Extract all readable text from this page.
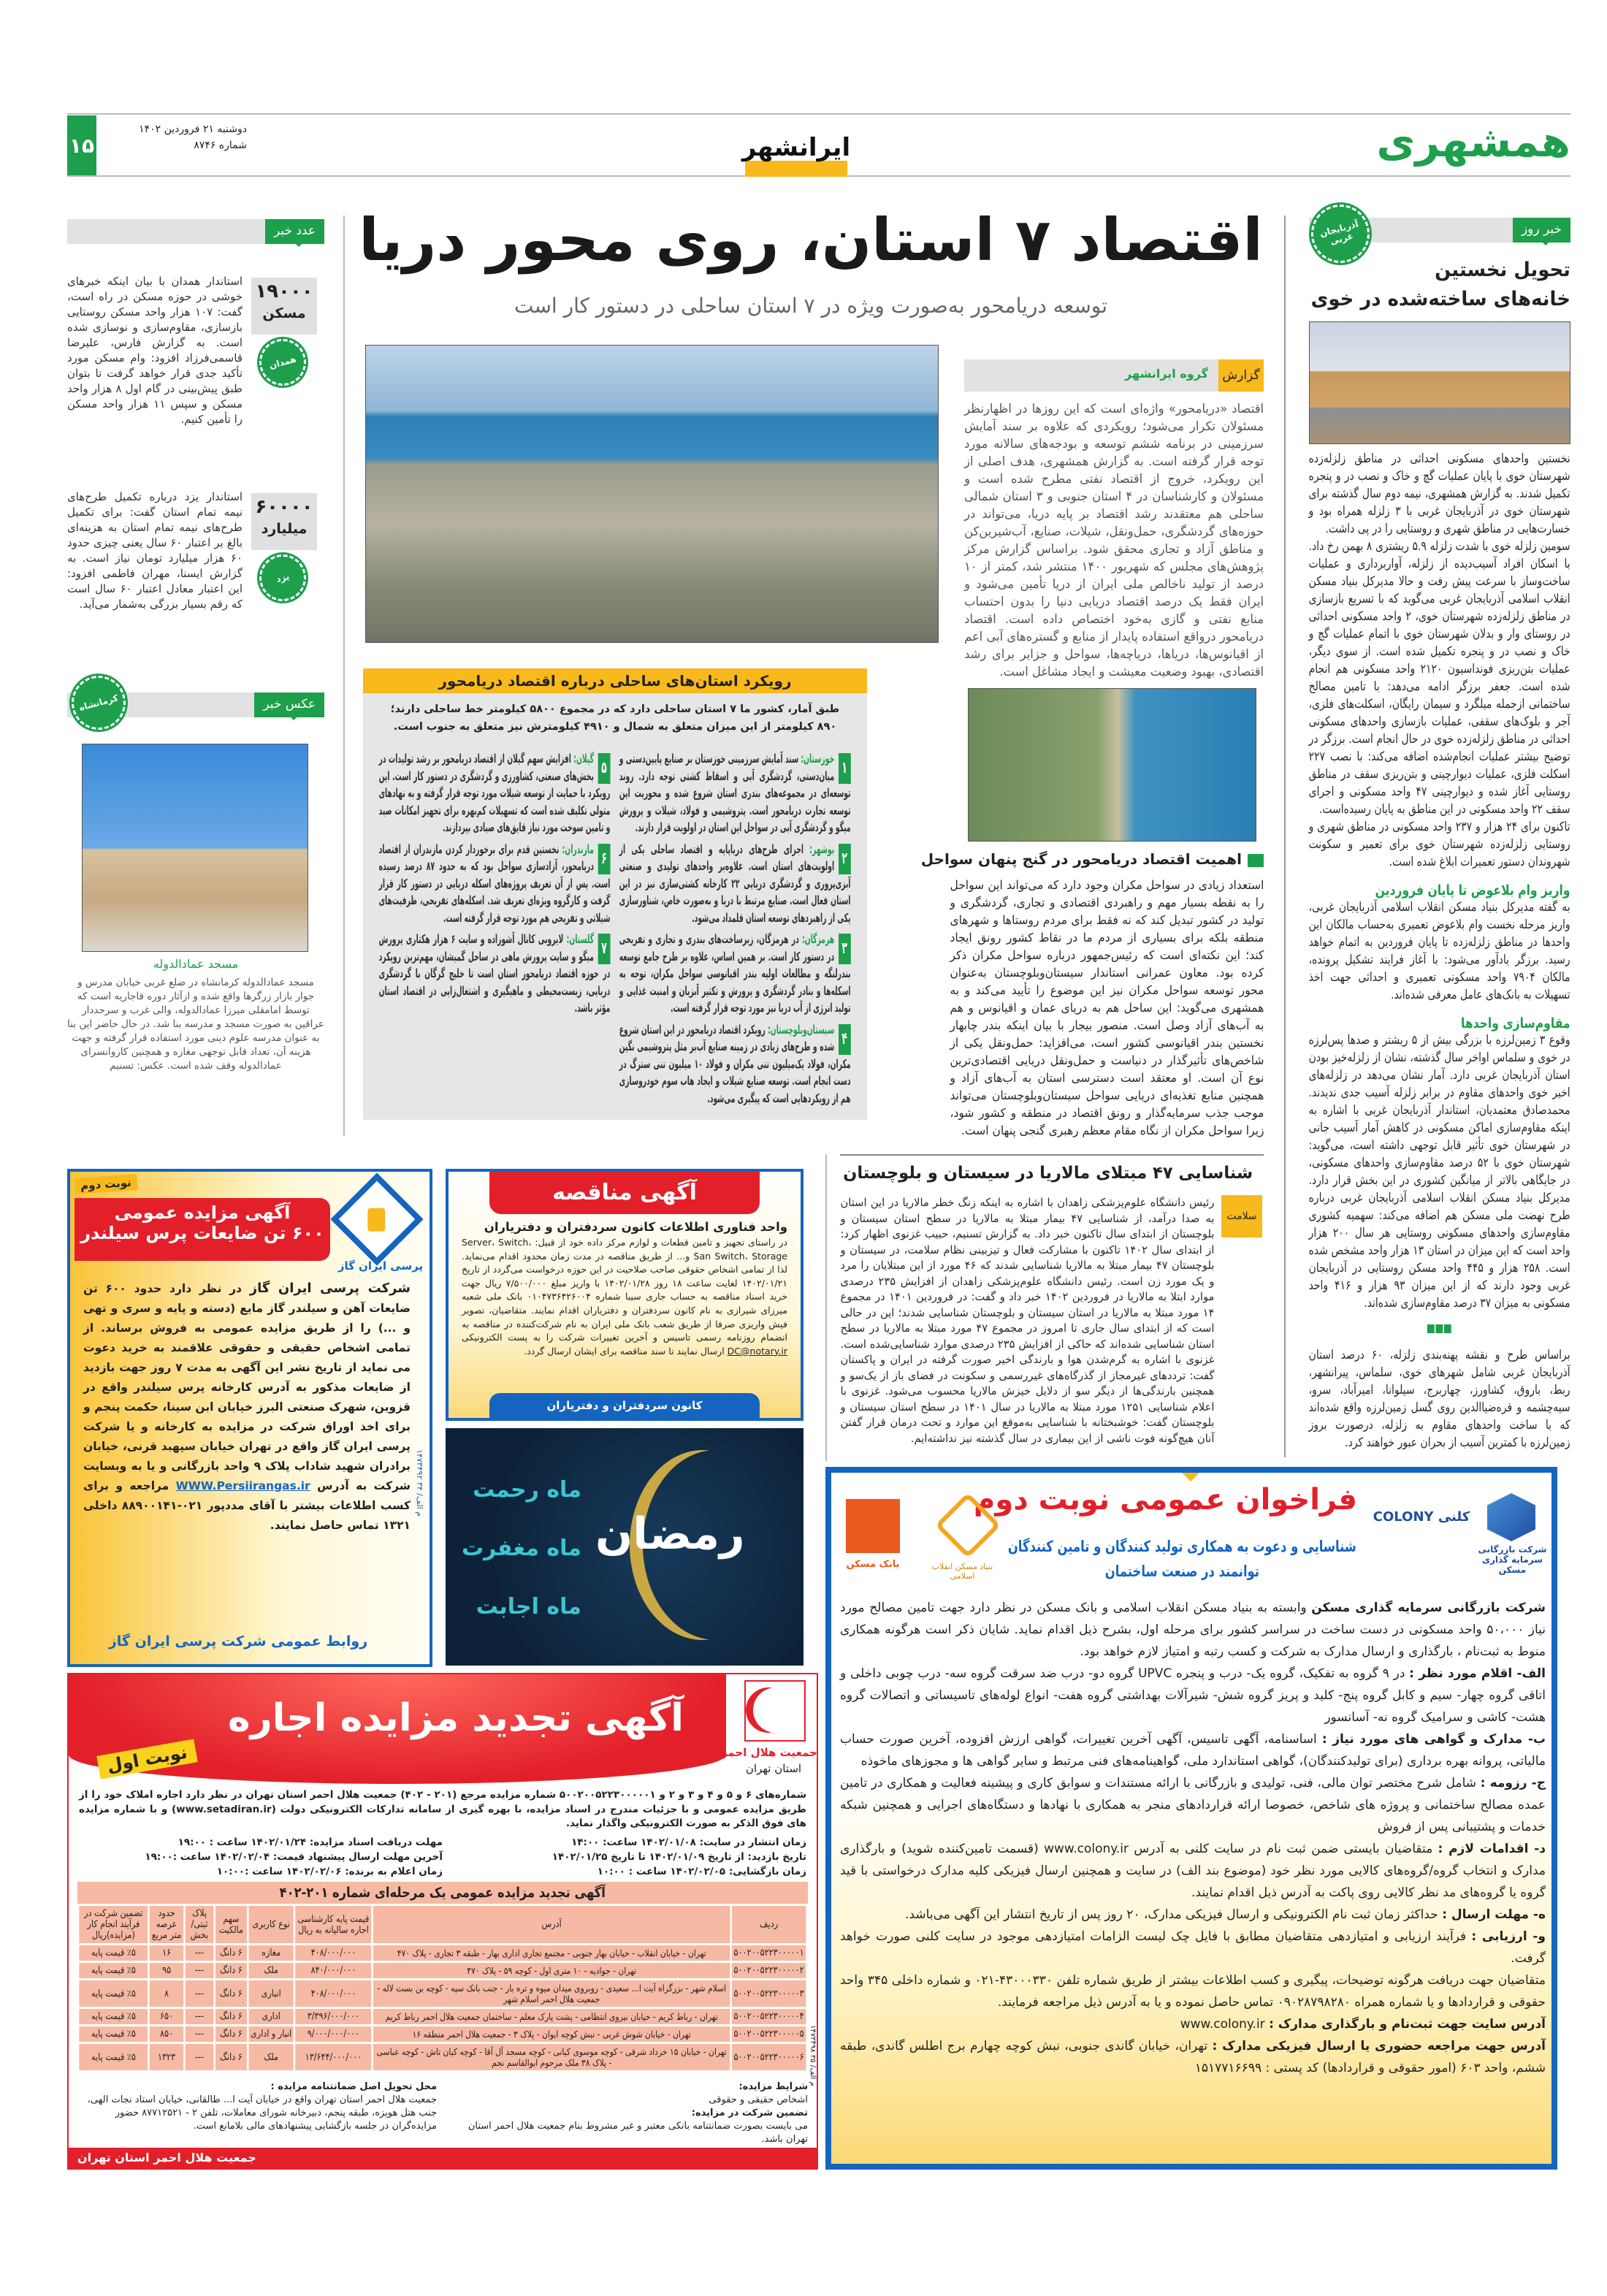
۱۵
دوشنبه ۲۱ فروردین ۱۴۰۲
شماره ۸۷۴۶	ایرانشهر	همشهری
خبر روز
آذربایجان غربی
تحویل نخستین
خانه‌های ساخته‌شده در خوی

نخستین واحدهای مسکونی احداثی در مناطق زلزله‌زده شهرستان خوی با پایان عملیات گچ و خاک و نصب در و پنجره تکمیل شدند. به گزارش همشهری، نیمه دوم سال گذشته برای شهرستان خوی در آذربایجان غربی با ۳ زلزله همراه بود و خسارت‌هایی در مناطق شهری و روستایی را در پی داشت.

سومین زلزله خوی با شدت زلزله ۵.۹ ریشتری ۸ بهمن رخ داد. با اسکان افراد آسیب‌دیده از زلزله، آواربرداری و عملیات ساخت‌وساز با سرعت پیش رفت و حالا مدیرکل بنیاد مسکن انقلاب اسلامی آذربایجان غربی می‌گوید که با تسریع بازسازی در مناطق زلزله‌زده شهرستان خوی، ۲ واحد مسکونی احداثی در روستای وار و بدلان شهرستان خوی با اتمام عملیات گچ و خاک و نصب در و پنجره تکمیل شده است. از سوی دیگر، عملیات بتن‌ریزی فونداسیون ۲۱۲۰ واحد مسکونی هم انجام شده است. جعفر برزگر ادامه می‌دهد: با تامین مصالح ساختمانی ازجمله میلگرد و سیمان رایگان، اسکلت‌های فلزی، آجر و بلوک‌های سقفی، عملیات بازسازی واحدهای مسکونی احداثی در مناطق زلزله‌زده خوی در حال انجام است. برزگر در توضیح بیشتر عملیات انجام‌شده اضافه می‌کند: با نصب ۲۲۷ اسکلت فلزی، عملیات دیوارچینی و بتن‌ریزی سقف در مناطق روستایی آغاز شده و دیوارچینی ۴۷ واحد مسکونی و اجرای سقف ۲۲ واحد مسکونی در این مناطق به پایان رسیده‌است.

تاکنون برای ۲۴ هزار و ۲۳۷ واحد مسکونی در مناطق شهری و روستایی زلزله‌زده شهرستان خوی برای تعمیر و سکونت شهروندان دستور تعمیرات ابلاغ شده است.

واریز وام بلاعوض تا پایان فروردین

به گفته مدیرکل بنیاد مسکن انقلاب اسلامی آذربایجان غربی، واریز مرحله نخست وام بلاعوض تعمیری به‌حساب مالکان این واحدها در مناطق زلزله‌زده تا پایان فروردین به اتمام خواهد رسید. برزگر یادآور می‌شود: با آغاز فرایند تشکیل پرونده، مالکان ۷۹۰۴ واحد مسکونی تعمیری و احداثی جهت اخذ تسهیلات به بانک‌های عامل معرفی شده‌اند.

مقاوم‌سازی واحدها

وقوع ۳ زمین‌لرزه با بزرگی بیش از ۵ ریشتر و صدها پس‌لرزه در خوی و سلماس اواخر سال گذشته، نشان از زلزله‌خیز بودن استان آذربایجان غربی دارد. آمار نشان می‌دهد در زلزله‌های اخیر خوی واحدهای مقاوم در برابر زلزله آسیب جدی ندیدند. محمدصادق معتمدیان، استاندار آذربایجان غربی با اشاره به اینکه مقاوم‌سازی اماکن مسکونی در کاهش آمار آسیب جانی در شهرستان خوی تأثیر قابل توجهی داشته است، می‌گوید: شهرستان خوی با ۵۲ درصد مقاوم‌سازی واحدهای مسکونی، در جایگاهی بالاتر از میانگین کشوری در این بخش قرار دارد. مدیرکل بنیاد مسکن انقلاب اسلامی آذربایجان غربی درباره طرح نهضت ملی مسکن هم اضافه می‌کند: سهمیه کشوری مقاوم‌سازی واحدهای مسکونی روستایی هر سال ۲۰۰ هزار واحد است که این میزان در استان ۱۳ هزار واحد مشخص شده است. ۲۵۸ هزار و ۴۴۵ واحد مسکن روستایی در آذربایجان غربی وجود دارند که از این میزان ۹۳ هزار و ۴۱۶ واحد مسکونی به میزان ۳۷ درصد مقاوم‌سازی شده‌اند.

براساس طرح و نقشه پهنه‌بندی زلزله، ۶۰ درصد استان آذربایجان غربی شامل شهرهای خوی، سلماس، پیرانشهر، ربط، باروق، کشاورز، چهاربرج، سیلوانا، امیرآباد، سرو، سیه‌چشمه و قره‌ضیاالدین روی گسل زمین‌لرزه واقع شده‌اند که با ساخت واحدهای مقاوم به زلزله، درصورت بروز زمین‌لرزه با کمترین آسیب از بحران عبور خواهند کرد.

اقتصاد ۷ استان، روی محور دریا
توسعه دریامحور به‌صورت ویژه در ۷ استان ساحلی در دستور کار است
گزارش
گروه ایرانشهر

اقتصاد «دریامحور» واژه‌ای است که این روزها در اظهارنظر مسئولان تکرار می‌شود؛ رویکردی که علاوه بر سند آمایش سرزمینی در برنامه ششم توسعه و بودجه‌های سالانه مورد توجه قرار گرفته است. به گزارش همشهری، هدف اصلی از این رویکرد، خروج از اقتصاد نفتی مطرح شده است و مسئولان و کارشناسان در ۴ استان جنوبی و ۳ استان شمالی ساحلی هم معتقدند رشد اقتصاد بر پایه دریا، می‌تواند در حوزه‌های گردشگری، حمل‌ونقل، شیلات، صنایع، آب‌شیرین‌کن و مناطق آزاد و تجاری محقق شود. براساس گزارش مرکز پژوهش‌های مجلس که شهریور ۱۴۰۰ منتشر شد، کمتر از ۱۰ درصد از تولید ناخالص ملی ایران از دریا تأمین می‌شود و ایران فقط یک درصد اقتصاد دریایی دنیا را بدون احتساب منابع نفتی و گازی به‌خود اختصاص داده است. اقتصاد دریامحور درواقع استفاده پایدار از منابع و گستره‌های آبی اعم از اقیانوس‌ها، دریاها، دریاچه‌ها، سواحل و جزایر برای رشد اقتصادی، بهبود وضعیت معیشت و ایجاد مشاغل است.

رویکرد استان‌های ساحلی درباره اقتصاد دریامحور
طبق آمار، کشور ما ۷ استان ساحلی دارد که در مجموع ۵۸۰۰ کیلومتر خط ساحلی دارند؛ ۸۹۰ کیلومتر از این میزان متعلق به شمال و ۴۹۱۰ کیلومترش نیز متعلق به جنوب است.
۱
خوزستان: سند آمایش سرزمینی خوزستان بر صنایع پایین‌دستی و میان‌دستی، گردشگری آبی و اسقاط کشتی توجه دارد. روند توسعه‌ای در مجموعه‌های بندری استان شروع شده و محوریت این توسعه تجارت دریامحور است. پتروشیمی و فولاد، شیلات و پرورش میگو و گردشگری آبی در سواحل این استان در اولویت قرار دارند.
۲
بوشهر: اجرای طرح‌های دریاپایه و اقتصاد ساحلی یکی از اولویت‌های استان است. علاوه‌بر واحدهای تولیدی و صنعتی آبزی‌پروری و گردشگری دریایی ۲۲ کارخانه کشتی‌سازی نیز در این استان فعال است. صنایع مرتبط با دریا و به‌صورت خاص، شناورسازی یکی از راهبردهای توسعه استان قلمداد می‌شود.
۳
هرمزگان: در هرمزگان، زیرساخت‌های بندری و تجاری و تفریحی در دستور کار است. بر همین اساس، علاوه بر طرح جامع توسعه بندرلنگه و مطالعات اولیه بندر اقیانوسی سواحل مکران، توجه به اسکله‌ها و بنادر گردشگری و پرورش و تکثیر آبزیان و امنیت غذایی و تولید انرژی از آب دریا نیز مورد توجه قرار گرفته است.
۴
سیستان‌وبلوچستان: رویکرد اقتصاد دریامحور در این استان شروع شده و طرح‌های زیادی در زمینه صنایع آب‌بر مثل پتروشیمی نگین مکران، فولاد یک‌میلیون تنی مکران و فولاد ۱۰ میلیون تنی سترگ در دست انجام است. توسعه صنایع شیلات و ایجاد هاب سوم خودروسازی هم از رویکردهایی است که پیگیری می‌شود.
۵
گیلان: افزایش سهم گیلان از اقتصاد دریامحور بر رشد تولیدات در بخش‌های صنعتی، کشاورزی و گردشگری در دستور کار است. این رویکرد با حمایت از توسعه شیلات مورد توجه قرار گرفته و به نهادهای متولی تکلیف شده است که تسهیلات کم‌بهره برای تجهیز امکانات صید و تامین سوخت مورد نیاز قایق‌های صیادی بپردازند.
۶
مازندران: نخستین قدم برای برخوردار کردن مازندران از اقتصاد دریامحور، آزادسازی سواحل بود که به حدود ۸۷ درصد رسیده است. پس از آن تعریف پروژه‌های اسکله دریایی در دستور کار قرار گرفت و کارگروه ویژه‌ای تعریف شد. اسکله‌های تفریحی، ظرفیت‌های شیلاتی و تفریحی هم مورد توجه قرار گرفته است.
۷
گلستان: لایروبی کانال آشوراده و سایت ۶ هزار هکتاری پرورش میگو و سایت پرورش ماهی در ساحل گمیشان، مهم‌ترین رویکرد در حوزه اقتصاد دریامحور استان است تا خلیج گرگان با گردشگری دریایی، زیست‌محیطی و ماهیگیری و اشتغال‌زایی در اقتصاد استان مؤثر باشد.
اهمیت اقتصاد دریامحور در گنج پنهان سواحل

استعداد زیادی در سواحل مکران وجود دارد که می‌تواند این سواحل را به نقطه بسیار مهم و راهبردی اقتصادی و تجاری، گردشگری و تولید در کشور تبدیل کند که نه فقط برای مردم روستاها و شهرهای منطقه بلکه برای بسیاری از مردم ما در نقاط کشور رونق ایجاد کند؛ این نکته‌ای است که رئیس‌جمهور درباره سواحل مکران ذکر کرده بود. معاون عمرانی استاندار سیستان‌وبلوچستان به‌عنوان محور توسعه سواحل مکران نیز این موضوع را تأیید می‌کند و به همشهری می‌گوید: این ساحل هم به دریای عمان و اقیانوس و هم به آب‌های آزاد وصل است. منصور بیجار با بیان اینکه بندر چابهار نخستین بندر اقیانوسی کشور است، می‌افزاید: حمل‌ونقل یکی از شاخص‌های تأثیرگذار در دنیاست و حمل‌ونقل دریایی اقتصادی‌ترین نوع آن است. او معتقد است دسترسی استان به آب‌های آزاد و همچنین منابع تغذیه‌ای دریایی سواحل سیستان‌وبلوچستان می‌تواند موجب جذب سرمایه‌گذار و رونق اقتصاد در منطقه و کشور شود، زیرا سواحل مکران از نگاه مقام معظم رهبری گنجی پنهان است.

شناسایی ۴۷ مبتلای مالاریا در سیستان و بلوچستان
سلامت

رئیس دانشگاه علوم‌پزشکی زاهدان با اشاره به اینکه زنگ خطر مالاریا در این استان به صدا درآمد، از شناسایی ۴۷ بیمار مبتلا به مالاریا در سطح استان سیستان و بلوچستان از ابتدای سال تاکنون خبر داد. به گزارش تسنیم، حبیب غزنوی اظهار کرد: از ابتدای سال ۱۴۰۲ تاکنون با مشارکت فعال و تیزبینی نظام سلامت، در سیستان و بلوچستان ۴۷ بیمار مبتلا به مالاریا شناسایی شدند که ۴۶ مورد از این مبتلایان را مرد و یک مورد زن است. رئیس دانشگاه علوم‌پزشکی زاهدان از افزایش ۲۳۵ درصدی موارد ابتلا به مالاریا در فروردین ۱۴۰۲ خبر داد و گفت: در فروردین ۱۴۰۱ در مجموع ۱۴ مورد مبتلا به مالاریا در استان سیستان و بلوچستان شناسایی شدند؛ این در حالی است که از ابتدای سال جاری تا امروز در مجموع ۴۷ مورد مبتلا به مالاریا در سطح استان شناسایی شده‌اند که حاکی از افزایش ۲۳۵ درصدی موارد شناسایی‌شده است. غزنوی با اشاره به گرم‌شدن هوا و بارندگی اخیر صورت گرفته در ایران و پاکستان گفت: ترددهای غیرمجاز از گذرگاه‌های غیررسمی و سکونت در فضای باز از یک‌سو و همچنین بارندگی‌ها از دیگر سو از دلایل خیزش مالاریا محسوب می‌شود. غزنوی با اعلام شناسایی ۱۲۵۱ مورد مبتلا به مالاریا در سال ۱۴۰۱ در سطح استان سیستان و بلوچستان گفت: خوشبختانه با شناسایی به‌موقع این موارد و تحت درمان قرار گفتن آنان هیچ‌گونه فوت ناشی از این بیماری در سال گذشته نیز نداشته‌ایم.

عدد خبر
۱۹۰۰۰
مسکن
همدان

استاندار همدان با بیان اینکه خبرهای خوشی در حوزه مسکن در راه است، گفت: ۱۰۷ هزار واحد مسکن روستایی بازسازی، مقاوم‌سازی و نوسازی شده است. به گزارش فارس، علیرضا قاسمی‌فرزاد افزود: وام مسکن مورد تأکید جدی قرار خواهد گرفت تا بتوان طبق پیش‌بینی در گام اول ۸ هزار واحد مسکن و سپس ۱۱ هزار واحد مسکن را تأمین کنیم.

۶۰۰۰۰
میلیارد
یزد

استاندار یزد درباره تکمیل طرح‌های نیمه تمام استان گفت: برای تکمیل طرح‌های نیمه تمام استان به هزینه‌ای بالغ بر اعتبار ۶۰ سال یعنی چیزی حدود ۶۰ هزار میلیارد تومان نیاز است. به گزارش ایسنا، مهران فاطمی افزود: این اعتبار معادل اعتبار ۶۰ سال است که رقم بسیار بزرگی به‌شمار می‌آید.

عکس خبر
کرمانشاه
مسجد عمادالدوله

مسجد عمادالدوله کرمانشاه در ضلع غربی خیابان مدرس و جوار بازار زرگرها واقع شده و ازآثار دوره قاجاریه است که توسط امامقلی میرزا عمادالدوله، والی غرب و سرحددار عراقین به صورت مسجد و مدرسه بنا شد. در حال حاضر این بنا به عنوان مدرسه علوم دینی مورد استفاده قرار گرفته و جهت هزینه آن، تعداد قابل توجهی مغازه و همچنین کاروانسرای عمادالدوله وقف شده است. عکس: تسنیم

نوبت دوم
آگهی مزایده عمومی
۶۰۰ تن ضایعات پرس سیلندر
پرسی ایران گاز
شرکت پرسی ایران گاز در نظر دارد حدود ۶۰۰ تن ضایعات آهن و سیلندر گاز مایع (دسته و پایه و سری و تهی و ...) را از طریق مزایده عمومی به فروش برساند. از تمامی اشخاص حقیقی و حقوقی علاقمند به خرید دعوت می نماید از تاریخ نشر این آگهی به مدت ۷ روز جهت بازدید از ضایعات مذکور به آدرس کارخانه پرس سیلندر واقع در قزوین، شهرک صنعتی البرز خیابان ابن سینا، حکمت پنجم و برای اخذ اوراق شرکت در مزایده به کارخانه و یا شرکت پرسی ایران گاز واقع در تهران خیابان سپهبد قرنی، خیابان برادران شهید شاداب پلاک ۹ واحد بازرگانی و یا به وبسایت شرکت به آدرس WWW.Persiirangas.ir مراجعه و برای کسب اطلاعات بیشتر با آقای مددپور ۰۲۱-۸۸۹۰۰۱۴۱ داخلی ۱۳۲۱ تماس حاصل نمایند.
روابط عمومی شرکت پرسی ایران گاز
م الف/ ۳۴ ۱۴۷۳۴۹۲
آگهی مناقصه
واحد فناوری اطلاعات کانون سردفتران و دفتریاران
در راستای تجهیز و تامین قطعات و لوازم مرکز داده خود از قبیل: Server، Switch، San Switch، Storage و... از طریق مناقصه در مدت زمان محدود اقدام می‌نماید. لذا از تمامی اشخاص حقوقی صاحب صلاحیت در این حوزه درخواست می‌گردد از تاریخ ۱۴۰۲/۰۱/۲۱ لغایت ساعت ۱۸ روز ۱۴۰۲/۰۱/۲۸ با واریز مبلغ ۷/۵۰۰/۰۰۰ ریال جهت خرید اسناد مناقصه به حساب جاری سیبا شماره ۰۱۰۴۷۳۶۴۲۶۰۰۴ بانک ملی شعبه میرزای شیرازی به نام کانون سردفتران و دفتریاران اقدام نمایند. متقاضیان، تصویر فیش واریزی صرفا از طریق شعب بانک ملی ایران به نام شرکت‌کننده در مناقصه به انضمام روزنامه رسمی تاسیس و آخرین تغییرات شرکت را به پست الکترونیکی DC@notary.ir ارسال نمایند تا سند مناقصه برای ایشان ارسال گردد.
کانون سردفتران و دفتریاران
رمضان
ماه رحمت
ماه مغفرت
ماه اجابت
آگهی تجدید مزایده اجاره
نوبت اول	جمعیت هلال احمر
استان تهران

شماره‌های ۶ و ۵ و ۴ و ۳ و ۲ و ۵۰۰۲۰۰۵۲۲۳۰۰۰۰۰۱ شماره مزایده مرجع (۲۰۱ - ۴۰۲) جمعیت هلال احمر استان تهران در نظر دارد اجاره املاک خود را از طریق مزایده عمومی و با جزئیات مندرج در اسناد مزایده، با بهره گیری از سامانه تدارکات الکترونیکی دولت (www.setadiran.ir) و با شماره مزایده های فوق الذکر به صورت الکترونیکی واگذار نماید.

زمان انتشار در سایت: ۱۴۰۲/۰۱/۰۸ ساعت: ۱۴:۰۰
مهلت دریافت اسناد مزایده: ۱۴۰۲/۰۱/۲۴ ساعت : ۱۹:۰۰
تاریخ بازدید: از تاریخ ۱۴۰۲/۰۱/۰۹ تا تاریخ ۱۴۰۲/۰۱/۲۵
آخرین مهلت ارسال پیشنهاد قیمت: ۱۴۰۲/۰۲/۰۴ ساعت :۱۹:۰۰
زمان بازگشایی: ۱۴۰۲/۰۲/۰۵ ساعت : ۱۰:۰۰
زمان اعلام به برنده: ۱۴۰۲/۰۲/۰۶ ساعت :۱۰:۰۰
آگهی تجدید مزایده عمومی یک مرحله‌ای شماره ۲۰۱-۴۰۲
ردیف	آدرس	قیمت پایه کارشناسی اجاره سالیانه به ریال	نوع کاربری	سهم مالکیت	پلاک ثبتی/ بخش	حدود عرصه متر مربع	تضمین شرکت در فرآیند انجام کار (مزایده)ریال
۵۰۰۲۰۰۵۲۲۳۰۰۰۰۰۱	تهران - خیابان انقلاب - خیابان بهار جنوبی - مجتمع تجاری اداری بهار - طبقه ۳ تجاری - پلاک ۴۷۰	۴۰۸/۰۰۰/۰۰۰	مغازه	۶ دانگ	---	۱۶	٪۵ قیمت پایه
۵۰۰۲۰۰۵۲۲۳۰۰۰۰۰۲	تهران - جوادیه - ۱۰ متری اول - کوچه ۵۹ - پلاک ۴۷۰	۸۴۰/۰۰۰/۰۰۰	ملک	۶ دانگ	---	۹۵	٪۵ قیمت پایه
۵۰۰۲۰۰۵۲۲۳۰۰۰۰۰۳	اسلام شهر - بزرگراه آیت ا... سعیدی - روبروی میدان میوه و تره بار - جنب بانک سپه - کوچه بن بست لاله - جمعیت هلال احمر اسلام شهر	۴۰۸/۰۰۰/۰۰۰	انباری	۶ دانگ	---	۸	٪۵ قیمت پایه
۵۰۰۲۰۰۵۲۲۳۰۰۰۰۰۴	تهران - رباط کریم - خیابان نیروی انتظامی - پشت پارک معلم - ساختمان جمعیت هلال احمر رباط کریم	۳/۳۹۶/۰۰۰/۰۰۰	اداری	۶ دانگ	---	۶۵۰	٪۵ قیمت پایه
۵۰۰۲۰۰۵۲۲۳۰۰۰۰۰۵	تهران - خیابان شوش غربی - نبش کوچه ایوان - پلاک ۳ - جمعیت هلال احمر منطقه ۱۶	۹/۰۰۰/۰۰۰/۰۰۰	انبار و اداری	۶ دانگ	---	۸۵۰	٪۵ قیمت پایه
۵۰۰۲۰۰۵۲۲۳۰۰۰۰۰۶	تهران - خیابان ۱۵ خرداد شرقی - کوچه موسوی کیانی - کوچه مسجد آل آقا - کوچه کیان تاش - کوچه عباسی - پلاک ۳۸ ملک مرحوم ابوالقاسم نجم	۱۳/۶۴۴/۰۰۰/۰۰۰	ملک	۶ دانگ	---	۱۳۲۳	٪۵ قیمت پایه
شرایط مزایده:
اشخاص حقیقی و حقوقی
تضمین شرکت در مزایده:
می بایست بصورت ضمانتنامه بانکی معتبر و غیر مشروط بنام جمعیت هلال احمر استان تهران باشد.
محل تحویل اصل ضمانتنامه مزایده :
جمعیت هلال احمر استان تهران واقع در خیابان آیت ا... طالقانی، خیابان استاد نجات الهی، جنب هتل هویزه، طبقه پنجم، دبیرخانه شورای معاملات، تلفن ۲ - ۸۷۷۱۲۵۲۱ حضور مزایده‌گران در جلسه بازگشایی پیشنهادهای مالی بلامانع است.
جمعیت هلال احمر استان تهران
م الف/ ۳۵ ۱۴۷۳۴۹۸
فراخوان عمومی نوبت دوم
شناسایی و دعوت به همکاری تولید کنندگان و تامین کنندگان
توانمند در صنعت ساختمان
شرکت بازرگانی سرمایه گذاری مسکن
کلنی COLONY
بنیاد مسکن انقلاب اسلامی
بانک مسکن
شرکت بازرگانی سرمایه گذاری مسکن وابسته به بنیاد مسکن انقلاب اسلامی و بانک مسکن در نظر دارد جهت تامین مصالح مورد نیاز ۵۰،۰۰۰ واحد مسکونی در دست ساخت در سراسر کشور برای مرحله اول، بشرح ذیل اقدام نماید. شایان ذکر است هرگونه همکاری منوط به ثبت‌نام ، بارگذاری و ارسال مدارک به شرکت و کسب رتبه و امتیاز لازم خواهد بود.
الف- اقلام مورد نظر : در ۹ گروه به تفکیک، گروه یک- درب و پنجره UPVC گروه دو- درب ضد سرقت گروه سه- درب چوبی داخلی و اتاقی گروه چهار- سیم و کابل گروه پنج- کلید و پریز گروه شش- شیرآلات بهداشتی گروه هفت- انواع لوله‌های تاسیساتی و اتصالات گروه هشت- کاشی و سرامیک گروه نه- آسانسور
ب- مدارک و گواهی های مورد نیاز : اساسنامه، آگهی تاسیس، آگهی آخرین تغییرات، گواهی ارزش افزوده، آخرین صورت حساب مالیاتی، پروانه بهره برداری (برای تولیدکنندگان)، گواهی استاندارد ملی، گواهینامه‌های فنی مرتبط و سایر گواهی ها و مجوزهای ماخوذه
ج- رزومه : شامل شرح مختصر توان مالی، فنی، تولیدی و بازرگانی با ارائه مستندات و سوابق کاری و پیشینه فعالیت و همکاری در تامین عمده مصالح ساختمانی و پروژه های شاخص، خصوصا ارائه قراردادهای منجر به همکاری با نهادها و دستگاه‌های اجرایی و همچنین شبکه خدمات و پشتیبانی پس از فروش
د- اقدامات لازم : متقاضیان بایستی ضمن ثبت نام در سایت کلنی به آدرس www.colony.ir (قسمت تامین‌کننده شوید) و بارگذاری مدارک و انتخاب گروه/گروه‌های کالایی مورد نظر خود (موضوع بند الف) در سایت و همچنین ارسال فیزیکی کلیه مدارک درخواستی با قید گروه یا گروه‌های مد نظر کالایی روی پاکت به آدرس ذیل اقدام نمایند.
ه- مهلت ارسال : حداکثر زمان ثبت نام الکترونیکی و ارسال فیزیکی مدارک، ۲۰ روز پس از تاریخ انتشار این آگهی می‌باشد.
و- ارزیابی : فرآیند ارزیابی و امتیازدهی متقاضیان مطابق با فایل چک لیست الزامات امتیازدهی موجود در سایت کلنی صورت خواهد گرفت.
متقاضیان جهت دریافت هرگونه توضیحات، پیگیری و کسب اطلاعات بیشتر از طریق شماره تلفن ۴۳۰۰۰۳۳۰-۰۲۱ و شماره داخلی ۳۴۵ واحد حقوقی و قراردادها و یا شماره همراه ۰۹۰۲۸۷۹۸۲۸۰ تماس حاصل نموده و یا به آدرس ذیل مراجعه فرمایند.
آدرس سایت جهت ثبت‌نام و بارگذاری مدارک : www.colony.ir
آدرس جهت مراجعه حضوری یا ارسال فیزیکی مدارک : تهران، خیابان گاندی جنوبی، نبش کوچه چهارم برج اطلس گاندی، طبقه ششم، واحد ۶۰۳ (امور حقوقی و قراردادها) کد پستی : ۱۵۱۷۷۱۶۶۹۹
